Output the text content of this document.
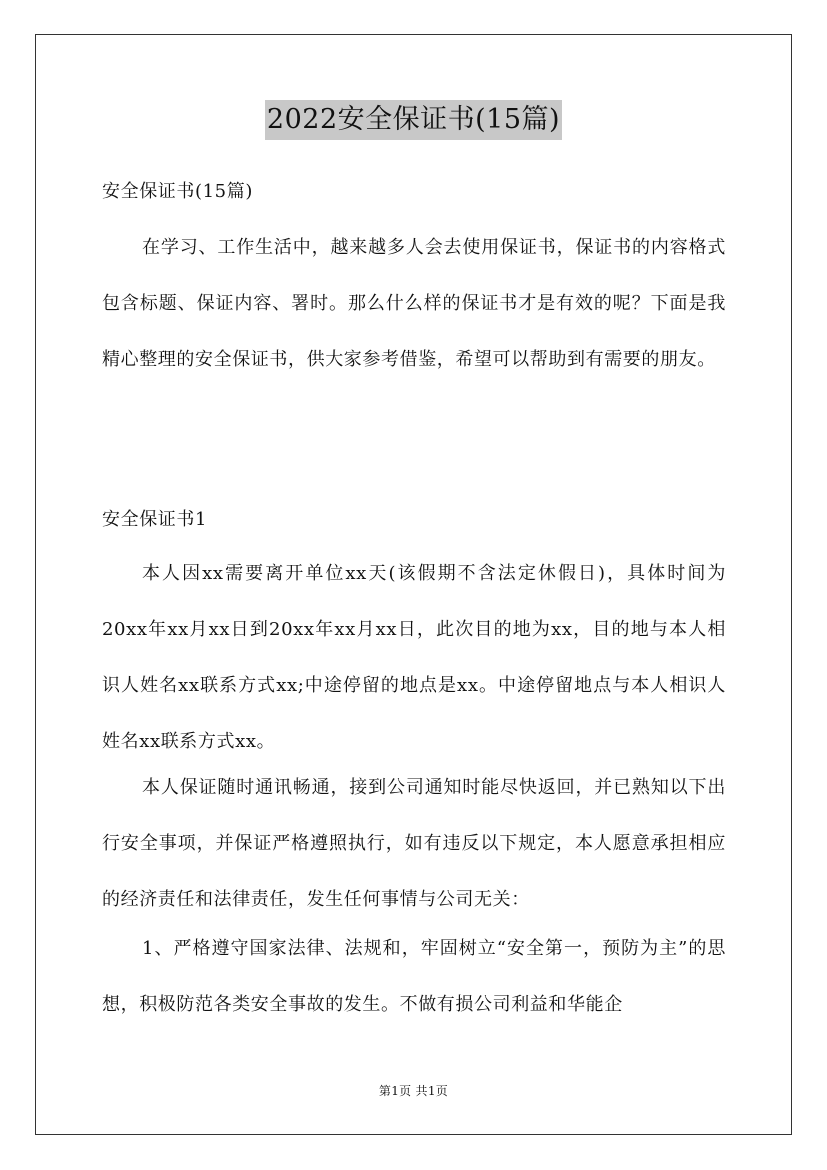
2022安全保证书(15篇)
安全保证书(15篇)
在学习、工作生活中，越来越多人会去使用保证书，保证书的内容格式包含标题、保证内容、署时。那么什么样的保证书才是有效的呢？下面是我精心整理的安全保证书，供大家参考借鉴，希望可以帮助到有需要的朋友。
安全保证书1
本人因xx需要离开单位xx天(该假期不含法定休假日)，具体时间为20xx年xx月xx日到20xx年xx月xx日，此次目的地为xx，目的地与本人相识人姓名xx联系方式xx;中途停留的地点是xx。中途停留地点与本人相识人姓名xx联系方式xx。
本人保证随时通讯畅通，接到公司通知时能尽快返回，并已熟知以下出行安全事项，并保证严格遵照执行，如有违反以下规定，本人愿意承担相应的经济责任和法律责任，发生任何事情与公司无关：
1、严格遵守国家法律、法规和，牢固树立“安全第一，预防为主”的思想，积极防范各类安全事故的发生。不做有损公司利益和华能企
第1页 共1页
